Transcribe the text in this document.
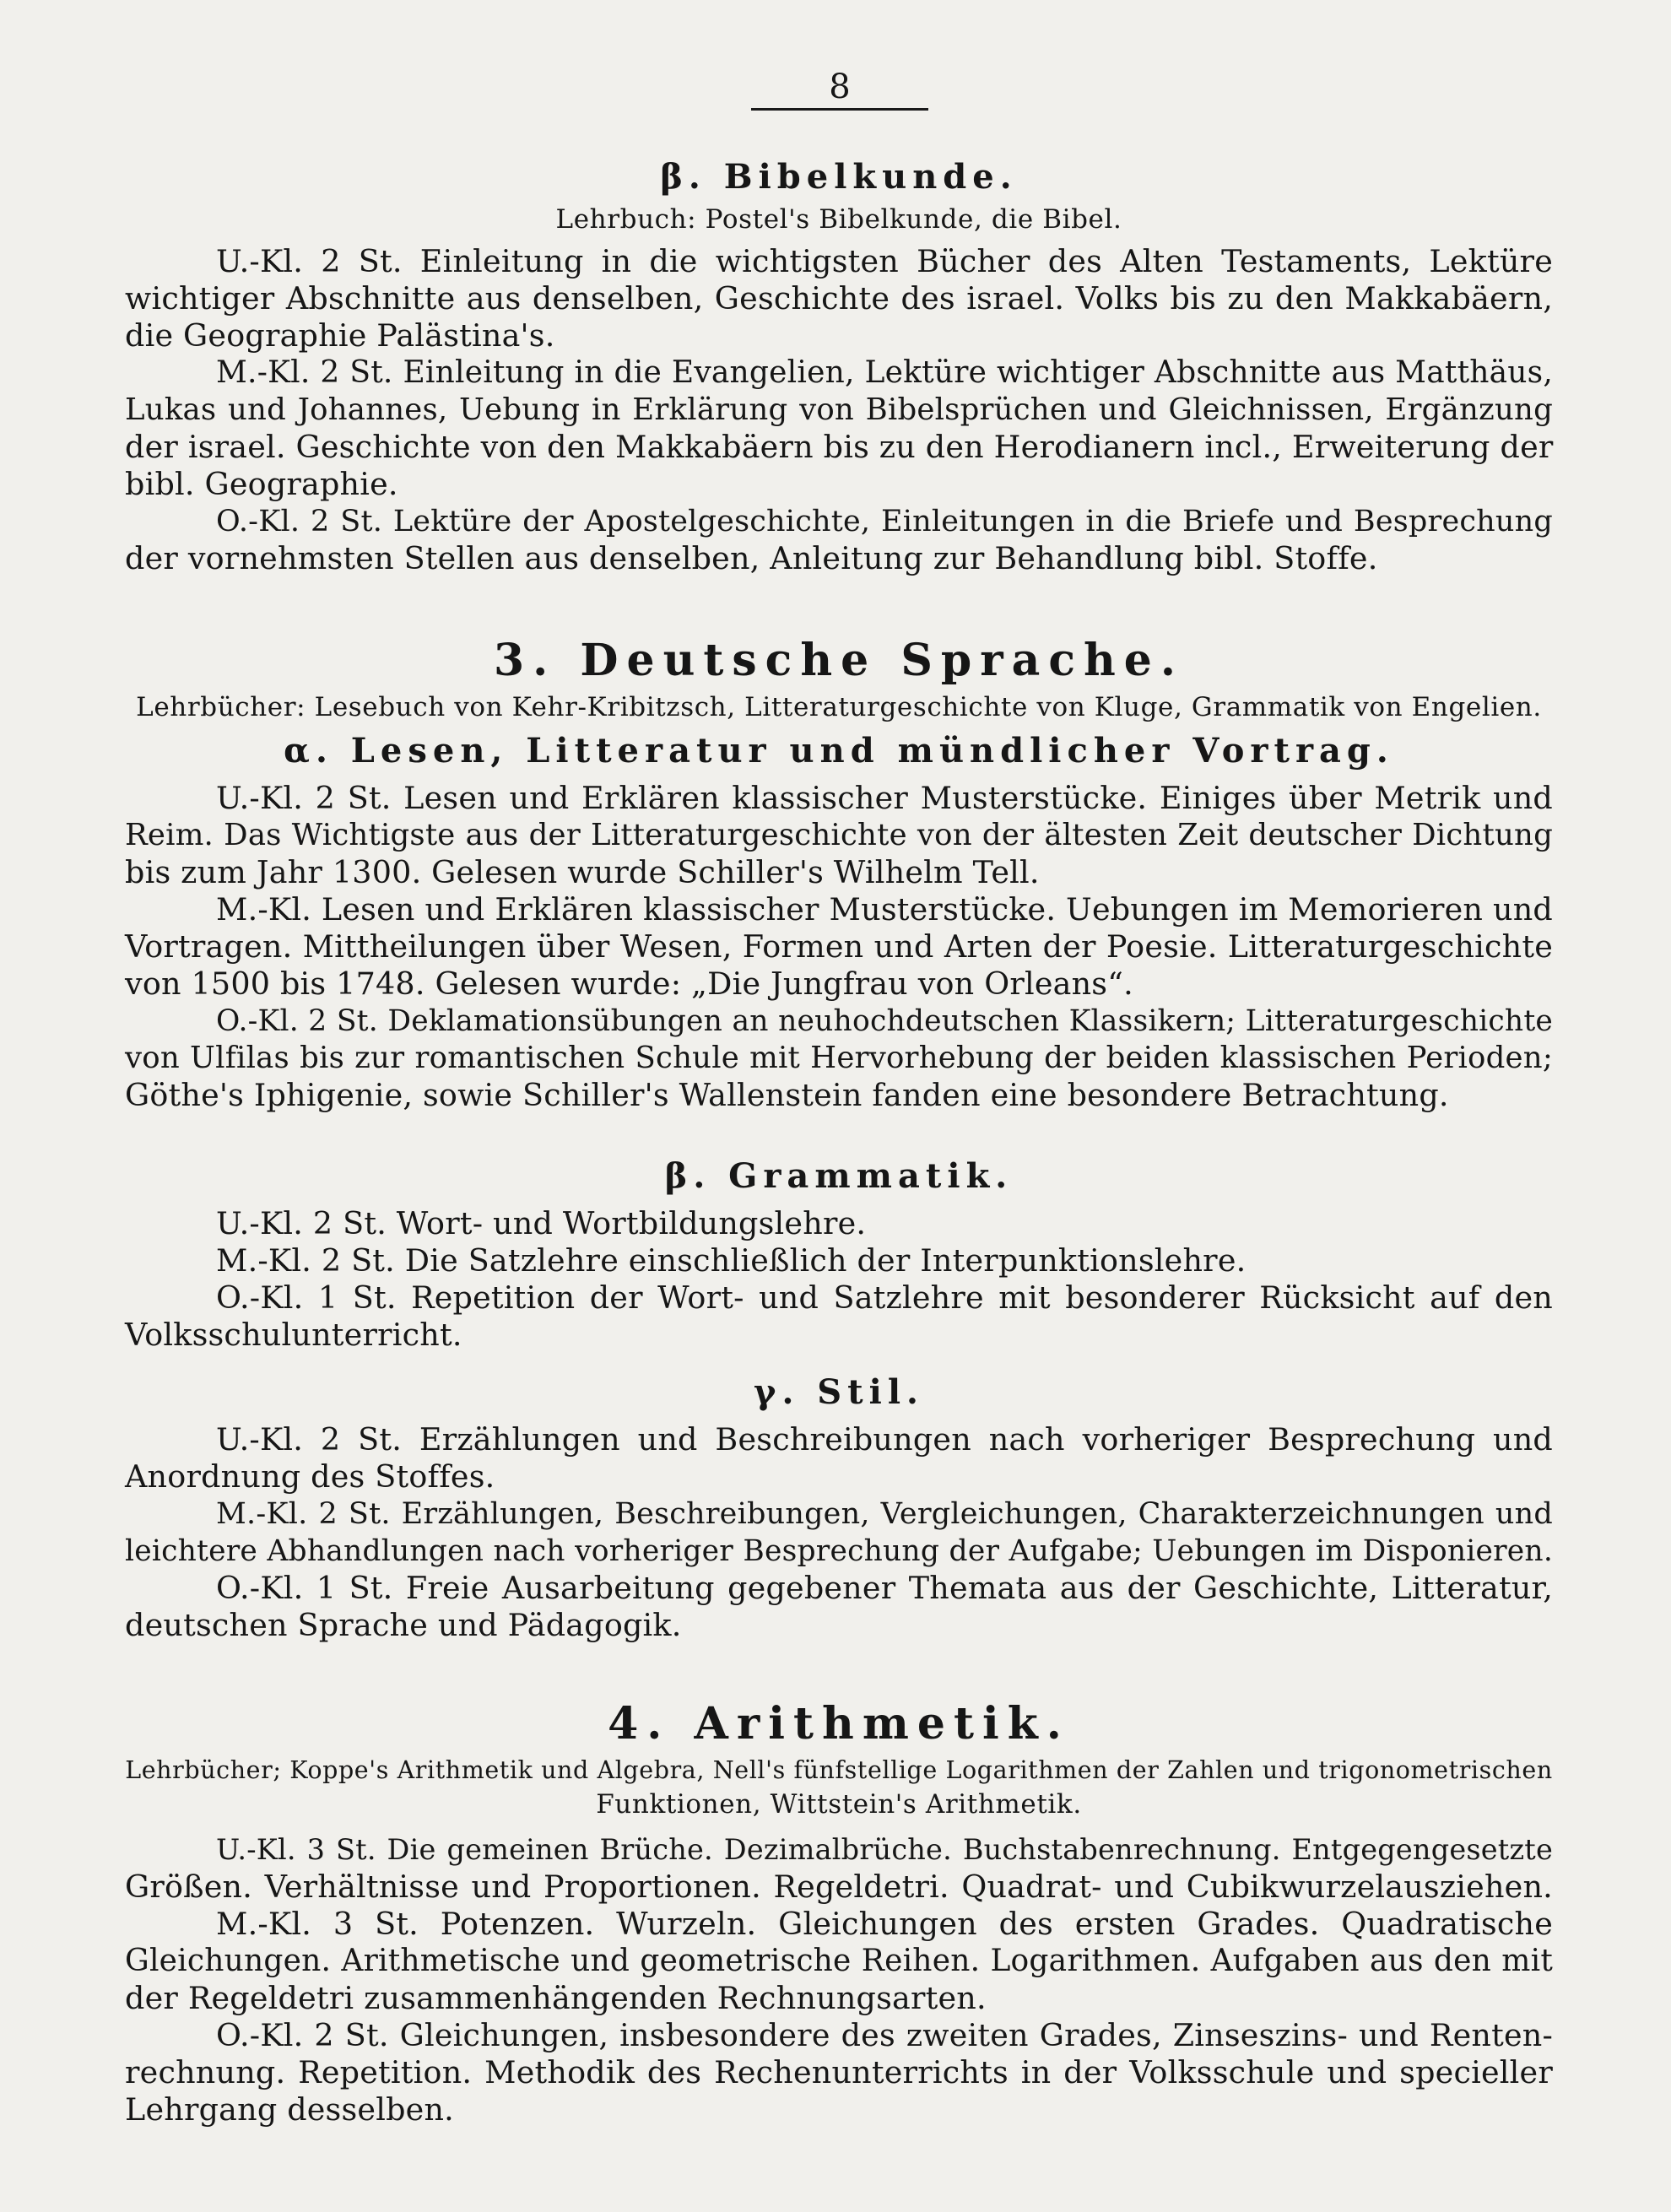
8
β. Bibelkunde.
Lehrbuch: Postel's Bibelkunde, die Bibel.
U.-Kl. 2 St. Einleitung in die wichtigsten Bücher des Alten Testaments, Lektüre
wichtiger Abschnitte aus denselben, Geschichte des israel. Volks bis zu den Makkabäern,
die Geographie Palästina's.
M.-Kl. 2 St. Einleitung in die Evangelien, Lektüre wichtiger Abschnitte aus Matthäus,
Lukas und Johannes, Uebung in Erklärung von Bibelsprüchen und Gleichnissen, Ergänzung
der israel. Geschichte von den Makkabäern bis zu den Herodianern incl., Erweiterung der
bibl. Geographie.
O.-Kl. 2 St. Lektüre der Apostelgeschichte, Einleitungen in die Briefe und Besprechung
der vornehmsten Stellen aus denselben, Anleitung zur Behandlung bibl. Stoffe.
3. Deutsche Sprache.
Lehrbücher: Lesebuch von Kehr-Kribitzsch, Litteraturgeschichte von Kluge, Grammatik von Engelien.
α. Lesen, Litteratur und mündlicher Vortrag.
U.-Kl. 2 St. Lesen und Erklären klassischer Musterstücke. Einiges über Metrik und
Reim. Das Wichtigste aus der Litteraturgeschichte von der ältesten Zeit deutscher Dichtung
bis zum Jahr 1300. Gelesen wurde Schiller's Wilhelm Tell.
M.-Kl. Lesen und Erklären klassischer Musterstücke. Uebungen im Memorieren und
Vortragen. Mittheilungen über Wesen, Formen und Arten der Poesie. Litteraturgeschichte
von 1500 bis 1748. Gelesen wurde: „Die Jungfrau von Orleans“.
O.-Kl. 2 St. Deklamationsübungen an neuhochdeutschen Klassikern; Litteraturgeschichte
von Ulfilas bis zur romantischen Schule mit Hervorhebung der beiden klassischen Perioden;
Göthe's Iphigenie, sowie Schiller's Wallenstein fanden eine besondere Betrachtung.
β. Grammatik.
U.-Kl. 2 St. Wort- und Wortbildungslehre.
M.-Kl. 2 St. Die Satzlehre einschließlich der Interpunktionslehre.
O.-Kl. 1 St. Repetition der Wort- und Satzlehre mit besonderer Rücksicht auf den
Volksschulunterricht.
γ. Stil.
U.-Kl. 2 St. Erzählungen und Beschreibungen nach vorheriger Besprechung und
Anordnung des Stoffes.
M.-Kl. 2 St. Erzählungen, Beschreibungen, Vergleichungen, Charakterzeichnungen und
leichtere Abhandlungen nach vorheriger Besprechung der Aufgabe; Uebungen im Disponieren.
O.-Kl. 1 St. Freie Ausarbeitung gegebener Themata aus der Geschichte, Litteratur,
deutschen Sprache und Pädagogik.
4. Arithmetik.
Lehrbücher; Koppe's Arithmetik und Algebra, Nell's fünfstellige Logarithmen der Zahlen und trigonometrischen
Funktionen, Wittstein's Arithmetik.
U.-Kl. 3 St. Die gemeinen Brüche. Dezimalbrüche. Buchstabenrechnung. Entgegengesetzte
Größen. Verhältnisse und Proportionen. Regeldetri. Quadrat- und Cubikwurzelausziehen.
M.-Kl. 3 St. Potenzen. Wurzeln. Gleichungen des ersten Grades. Quadratische
Gleichungen. Arithmetische und geometrische Reihen. Logarithmen. Aufgaben aus den mit
der Regeldetri zusammenhängenden Rechnungsarten.
O.-Kl. 2 St. Gleichungen, insbesondere des zweiten Grades, Zinseszins- und Renten-
rechnung. Repetition. Methodik des Rechenunterrichts in der Volksschule und specieller
Lehrgang desselben.
